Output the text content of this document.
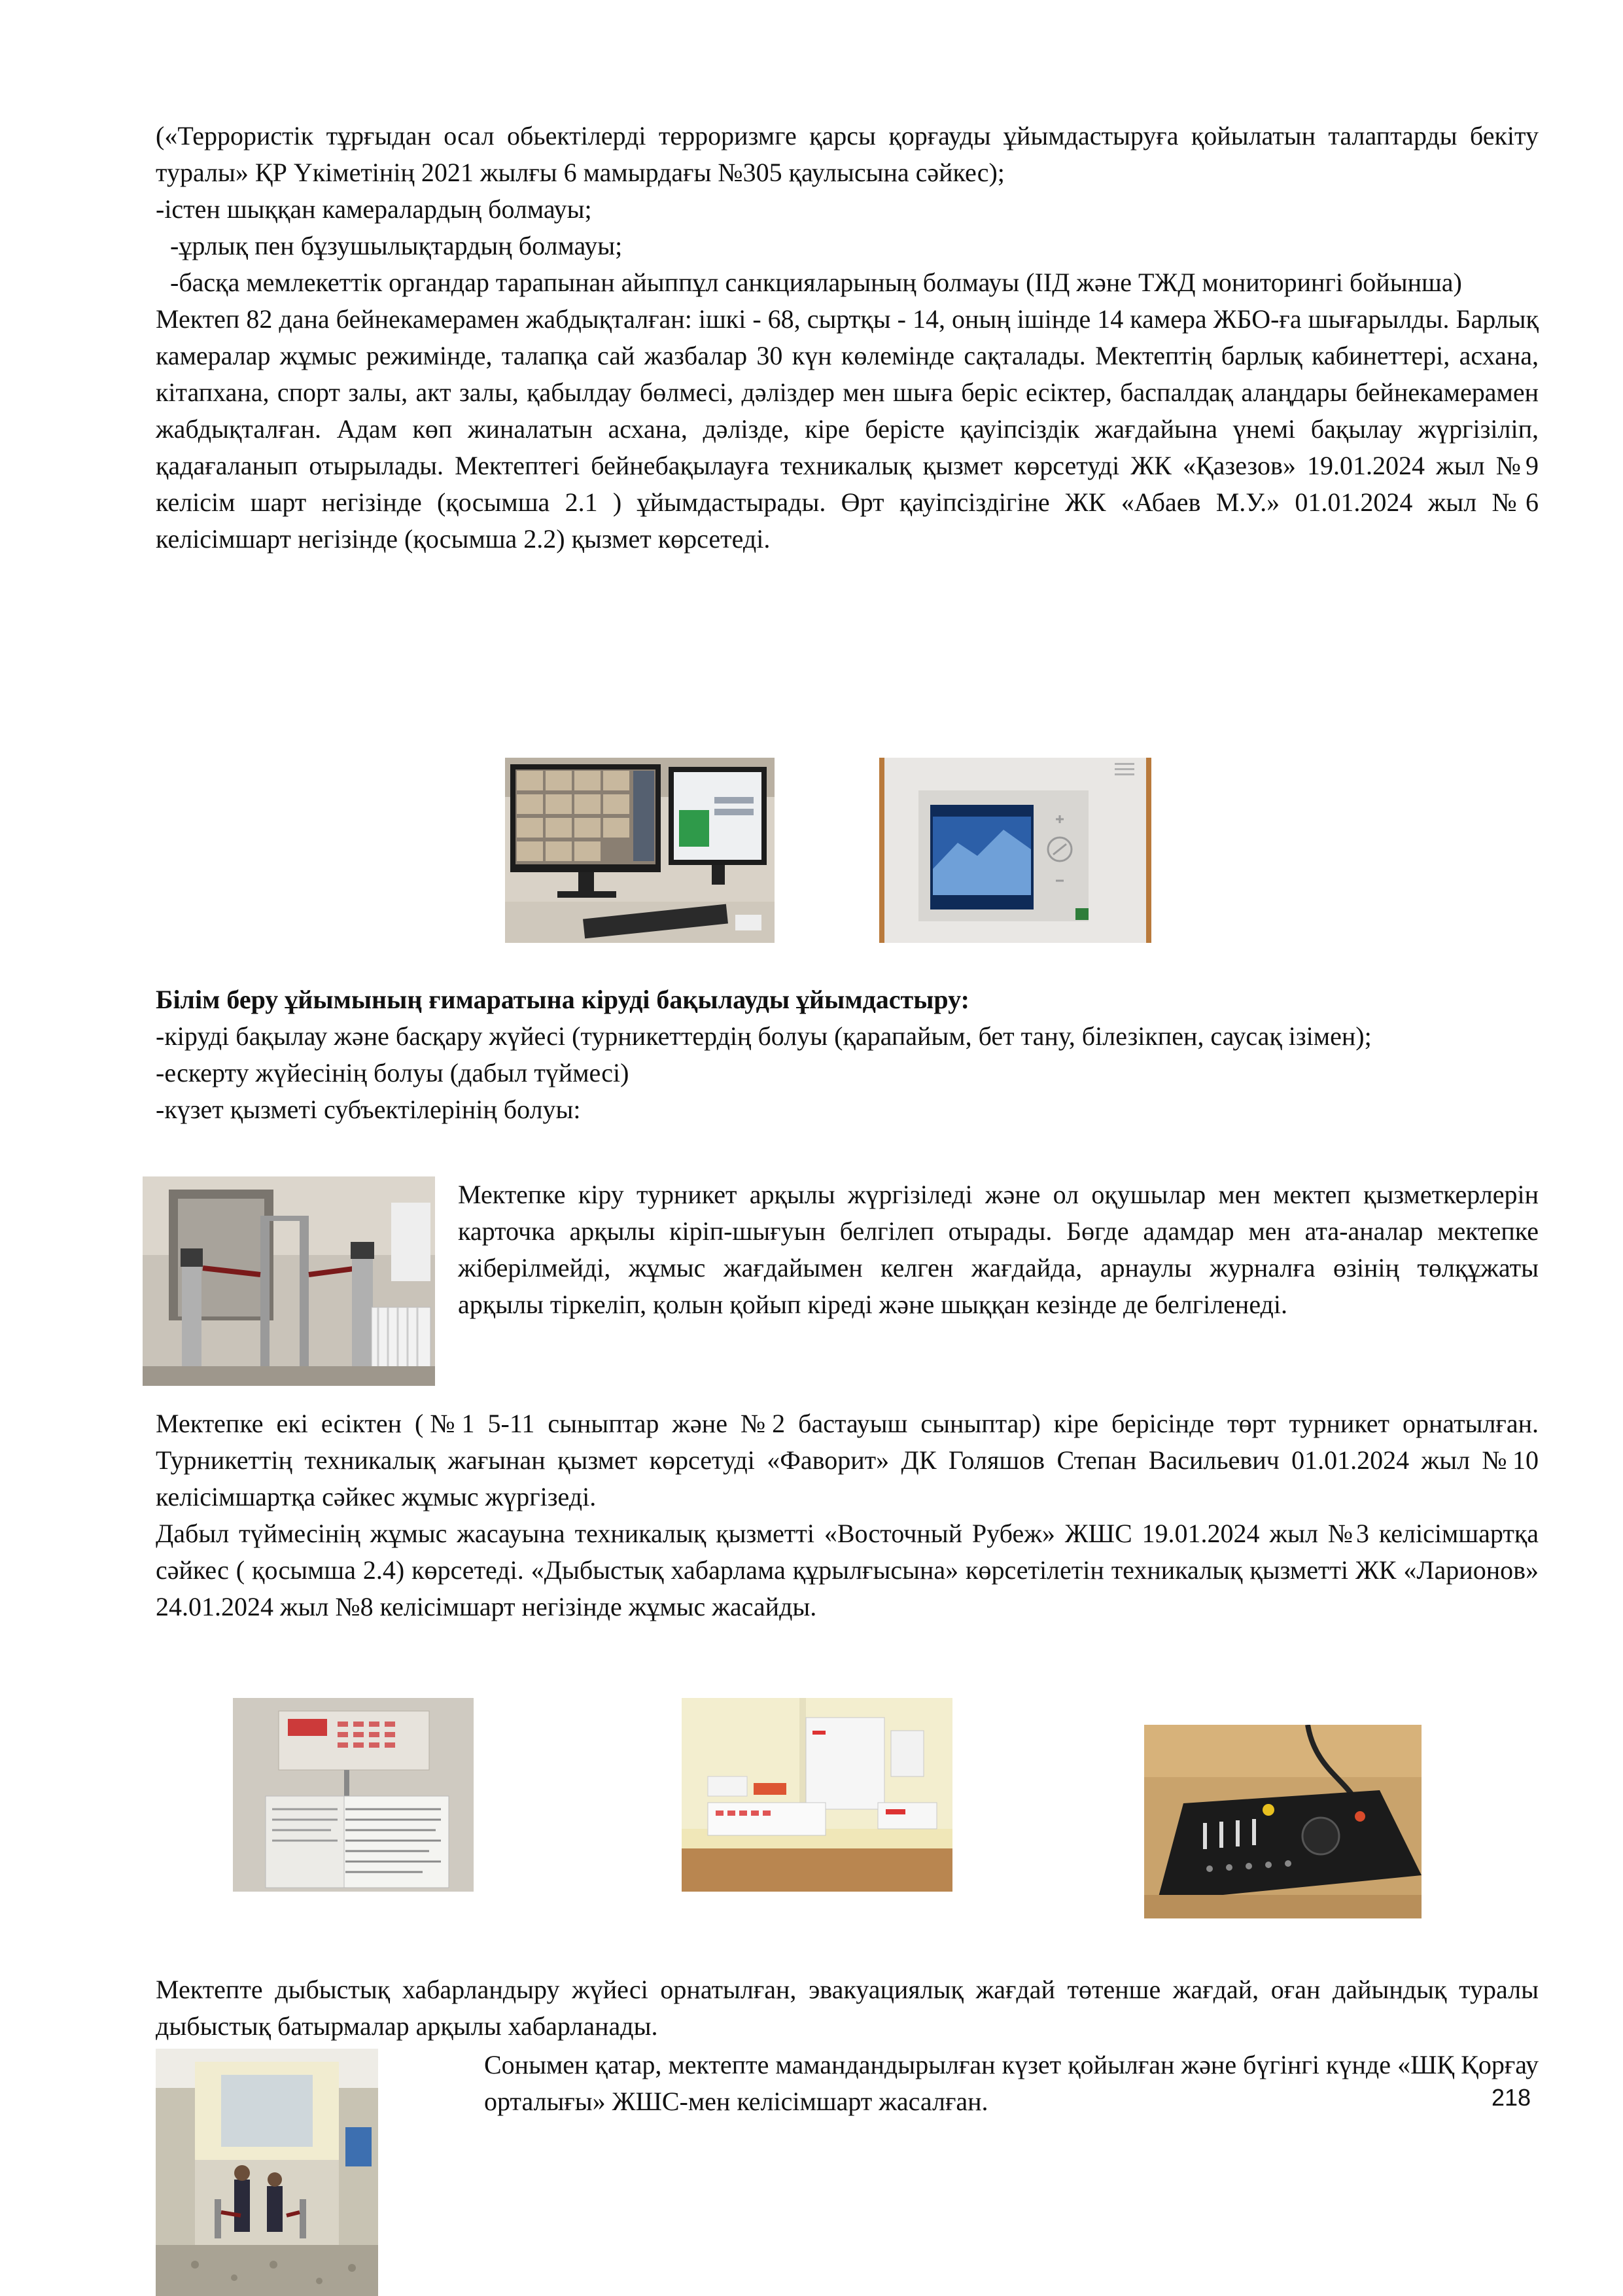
(«Террористік тұрғыдан осал обьектілерді терроризмге қарсы қорғауды ұйымдастыруға қойылатын талаптарды бекіту туралы» ҚР Үкіметінің 2021 жылғы 6 мамырдағы №305 қаулысына сәйкес);

-істен шыққан камералардың болмауы;

-ұрлық пен бұзушылықтардың болмауы;

-басқа мемлекеттік органдар тарапынан айыппұл санкцияларының болмауы (ІІД және ТЖД мониторингі бойынша)

Мектеп 82 дана бейнекамерамен жабдықталған: ішкі - 68, сыртқы - 14, оның ішінде 14 камера ЖБО-ға шығарылды. Барлық камералар жұмыс режимінде, талапқа сай жазбалар 30 күн көлемінде сақталады. Мектептің барлық кабинеттері, асхана, кітапхана, спорт залы, акт залы, қабылдау бөлмесі, дәлiздер мен шыға беріс есіктер, баспалдақ алаңдары бейнекамерамен жабдықталған. Адам көп жиналатын асхана, дәлізде, кіре берісте қауіпсіздік жағдайына үнемі бақылау жүргізіліп, қадағаланып отырылады. Мектептегі бейнебақылауға техникалық қызмет көрсетуді ЖК «Қазезов» 19.01.2024 жыл №9 келісім шарт негізінде (қосымша 2.1 ) ұйымдастырады. Өрт қауіпсіздігіне ЖК «Абаев М.У.» 01.01.2024 жыл №6 келісімшарт негізінде (қосымша 2.2) қызмет көрсетеді.

Білім беру ұйымының ғимаратына кіруді бақылауды ұйымдастыру:

-кіруді бақылау және басқару жүйесі (турникеттердің болуы (қарапайым, бет тану, білезікпен, саусақ ізімен);

-ескерту жүйесінің болуы (дабыл түймесі)

-күзет қызметі субъектілерінің болуы:

Мектепке кіру турникет арқылы жүргізіледі және ол оқушылар мен мектеп қызметкерлерін карточка арқылы кіріп-шығуын белгілеп отырады. Бөгде адамдар мен ата-аналар мектепке жіберілмейді, жұмыс жағдайымен келген жағдайда, арнаулы журналға өзінің төлқұжаты арқылы тіркеліп, қолын қойып кіреді және шыққан кезінде де белгіленеді.

Мектепке екі есіктен (№1 5-11 сыныптар және №2 бастауыш сыныптар) кіре берісінде төрт турникет орнатылған. Турникеттің техникалық жағынан қызмет көрсетуді «Фаворит» ДК Голяшов Степан Васильевич 01.01.2024 жыл №10 келісімшартқа сәйкес жұмыс жүргізеді.

Дабыл түймесінің жұмыс жасауына техникалық қызметті «Восточный Рубеж» ЖШС 19.01.2024 жыл №3 келісімшартқа сәйкес ( қосымша 2.4) көрсетеді. «Дыбыстық хабарлама құрылғысына» көрсетілетін техникалық қызметті ЖК «Ларионов» 24.01.2024 жыл №8 келісімшарт негізінде жұмыс жасайды.

Мектепте дыбыстық хабарландыру жүйесі орнатылған, эвакуациялық жағдай төтенше жағдай, оған дайындық туралы дыбыстық батырмалар арқылы хабарланады.

Сонымен қатар, мектепте мамандандырылған күзет қойылған және бүгінгі күнде «ШҚ Қорғау орталығы» ЖШС-мен келісімшарт жасалған.	218
